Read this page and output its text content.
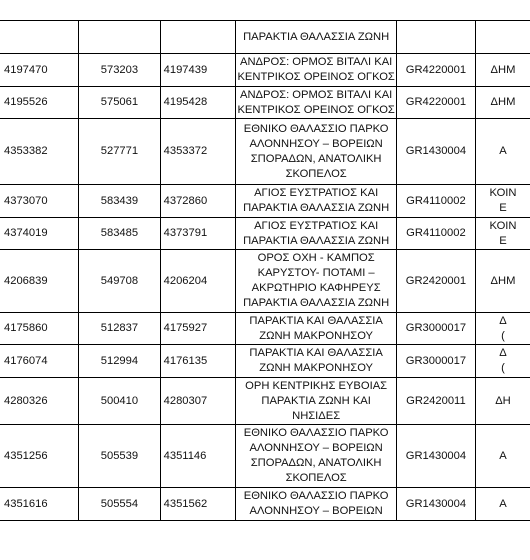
			ΠΑΡΑΚΤΙΑ ΘΑΛΑΣΣΙΑ ΖΩΝΗ		

4197470	573203	4197439	ΑΝΔΡΟΣ: ΟΡΜΟΣ ΒΙΤΑΛΙ ΚΑΙ
ΚΕΝΤΡΙΚΟΣ ΟΡΕΙΝΟΣ ΟΓΚΟΣ	GR4220001	ΔΗΜ

4195526	575061	4195428	ΑΝΔΡΟΣ: ΟΡΜΟΣ ΒΙΤΑΛΙ ΚΑΙ
ΚΕΝΤΡΙΚΟΣ ΟΡΕΙΝΟΣ ΟΓΚΟΣ	GR4220001	ΔΗΜ

4353382	527771	4353372	ΕΘΝΙΚΟ ΘΑΛΑΣΣΙΟ ΠΑΡΚΟ
ΑΛΟΝΝΗΣΟΥ – ΒΟΡΕΙΩΝ
ΣΠΟΡΑΔΩΝ, ΑΝΑΤΟΛΙΚΗ
ΣΚΟΠΕΛΟΣ	GR1430004	Α

4373070	583439	4372860	ΑΓΙΟΣ ΕΥΣΤΡΑΤΙΟΣ ΚΑΙ
ΠΑΡΑΚΤΙΑ ΘΑΛΑΣΣΙΑ ΖΩΝΗ	GR4110002	ΚΟΙΝ
Ε

4374019	583485	4373791	ΑΓΙΟΣ ΕΥΣΤΡΑΤΙΟΣ ΚΑΙ
ΠΑΡΑΚΤΙΑ ΘΑΛΑΣΣΙΑ ΖΩΝΗ	GR4110002	ΚΟΙΝ
Ε

4206839	549708	4206204	ΟΡΟΣ ΟΧΗ - ΚΑΜΠΟΣ
ΚΑΡΥΣΤΟΥ- ΠΟΤΑΜΙ –
ΑΚΡΩΤΗΡΙΟ ΚΑΦΗΡΕΥΣ
ΠΑΡΑΚΤΙΑ ΘΑΛΑΣΣΙΑ ΖΩΝΗ	GR2420001	ΔΗΜ

4175860	512837	4175927	ΠΑΡΑΚΤΙΑ ΚΑΙ ΘΑΛΑΣΣΙΑ
ΖΩΝΗ ΜΑΚΡΟΝΗΣΟΥ	GR3000017	Δ
(

4176074	512994	4176135	ΠΑΡΑΚΤΙΑ ΚΑΙ ΘΑΛΑΣΣΙΑ
ΖΩΝΗ ΜΑΚΡΟΝΗΣΟΥ	GR3000017	Δ
(

4280326	500410	4280307	ΟΡΗ ΚΕΝΤΡΙΚΗΣ ΕΥΒΟΙΑΣ
ΠΑΡΑΚΤΙΑ ΖΩΝΗ ΚΑΙ
ΝΗΣΙΔΕΣ	GR2420011	ΔΗ

4351256	505539	4351146	ΕΘΝΙΚΟ ΘΑΛΑΣΣΙΟ ΠΑΡΚΟ
ΑΛΟΝΝΗΣΟΥ – ΒΟΡΕΙΩΝ
ΣΠΟΡΑΔΩΝ, ΑΝΑΤΟΛΙΚΗ
ΣΚΟΠΕΛΟΣ	GR1430004	Α

4351616	505554	4351562	ΕΘΝΙΚΟ ΘΑΛΑΣΣΙΟ ΠΑΡΚΟ
ΑΛΟΝΝΗΣΟΥ – ΒΟΡΕΙΩΝ	GR1430004	Α
